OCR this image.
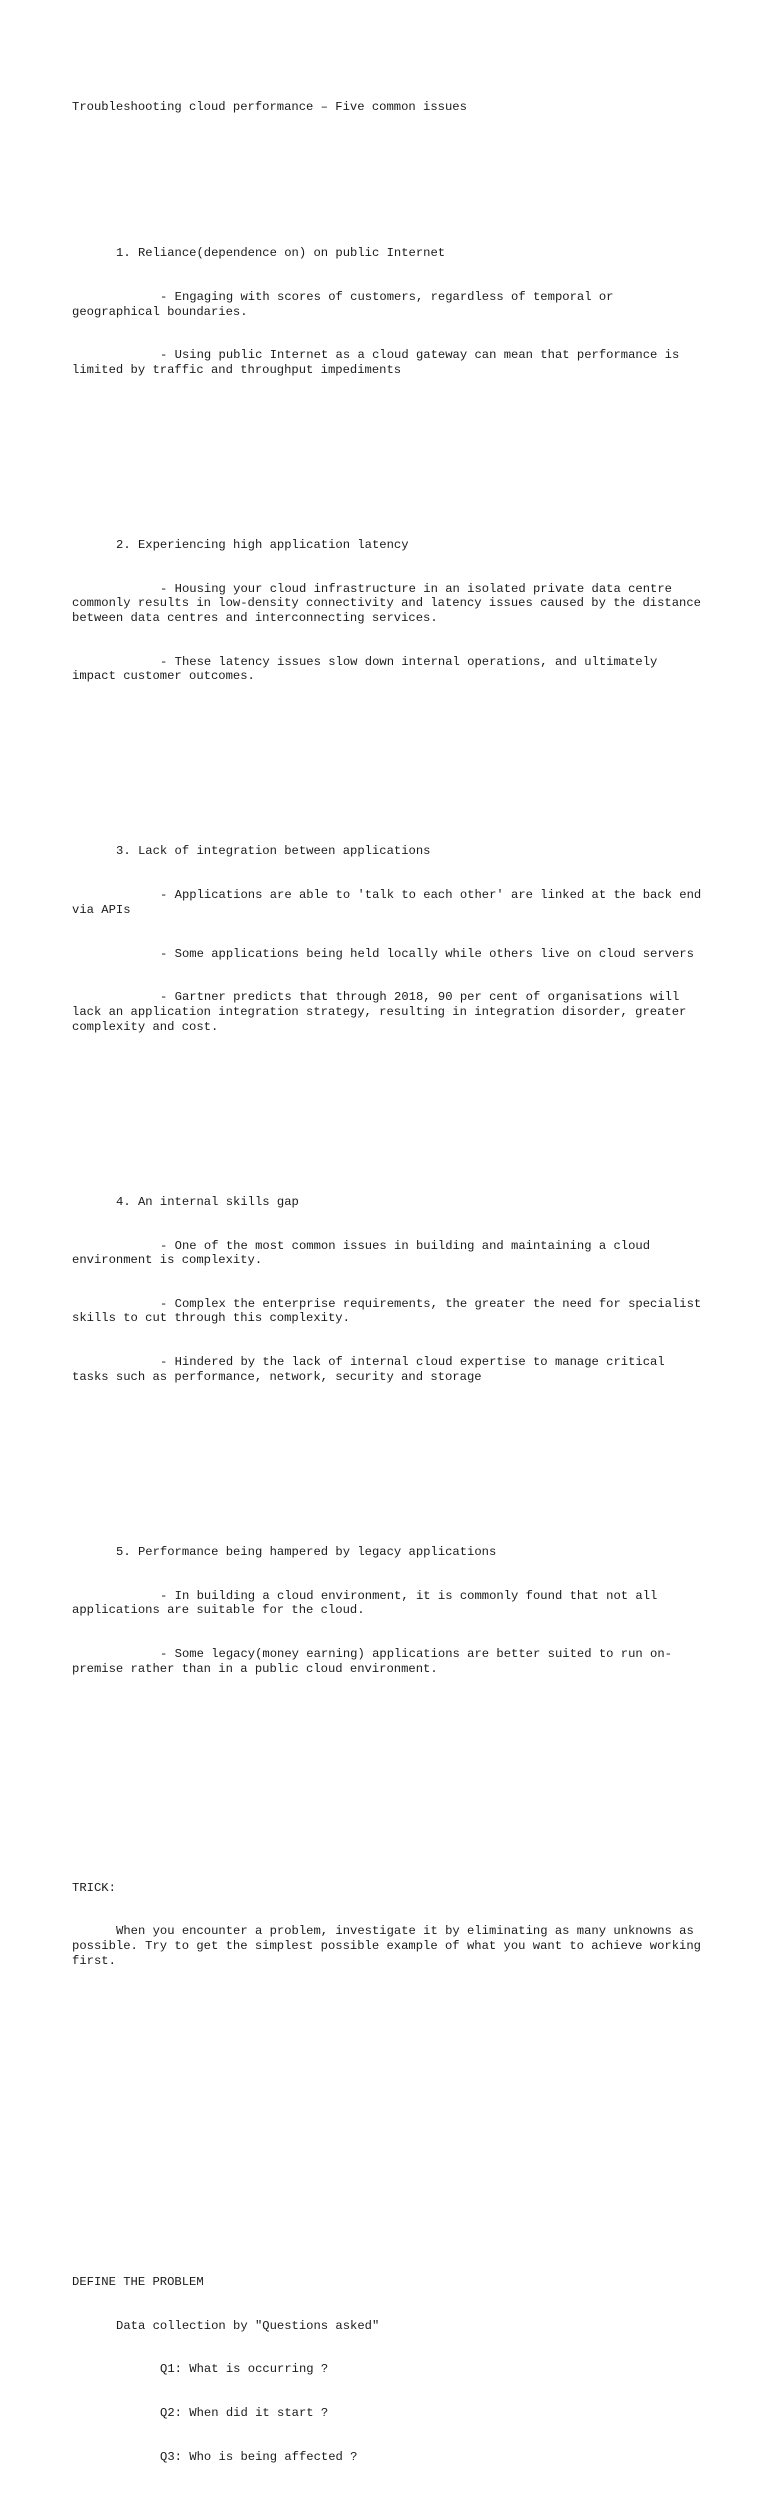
Troubleshooting cloud performance – Five common issues

1. Reliance(dependence on) on public Internet

- Engaging with scores of customers, regardless of temporal or geographical boundaries.

- Using public Internet as a cloud gateway can mean that performance is limited by traffic and throughput impediments

2. Experiencing high application latency

- Housing your cloud infrastructure in an isolated private data centre commonly results in low-density connectivity and latency issues caused by the distance between data centres and interconnecting services.

- These latency issues slow down internal operations, and ultimately impact customer outcomes.

3. Lack of integration between applications

- Applications are able to 'talk to each other' are linked at the back end via APIs

- Some applications being held locally while others live on cloud servers

- Gartner predicts that through 2018, 90 per cent of organisations will lack an application integration strategy, resulting in integration disorder, greater complexity and cost.

4. An internal skills gap

- One of the most common issues in building and maintaining a cloud environment is complexity.

- Complex the enterprise requirements, the greater the need for specialist skills to cut through this complexity.

- Hindered by the lack of internal cloud expertise to manage critical tasks such as performance, network, security and storage

5. Performance being hampered by legacy applications

- In building a cloud environment, it is commonly found that not all applications are suitable for the cloud.

- Some legacy(money earning) applications are better suited to run on-premise rather than in a public cloud environment.

TRICK:

When you encounter a problem, investigate it by eliminating as many unknowns as possible. Try to get the simplest possible example of what you want to achieve working first.

DEFINE THE PROBLEM

Data collection by "Questions asked"

Q1: What is occurring ?

Q2: When did it start ?

Q3: Who is being affected ?
